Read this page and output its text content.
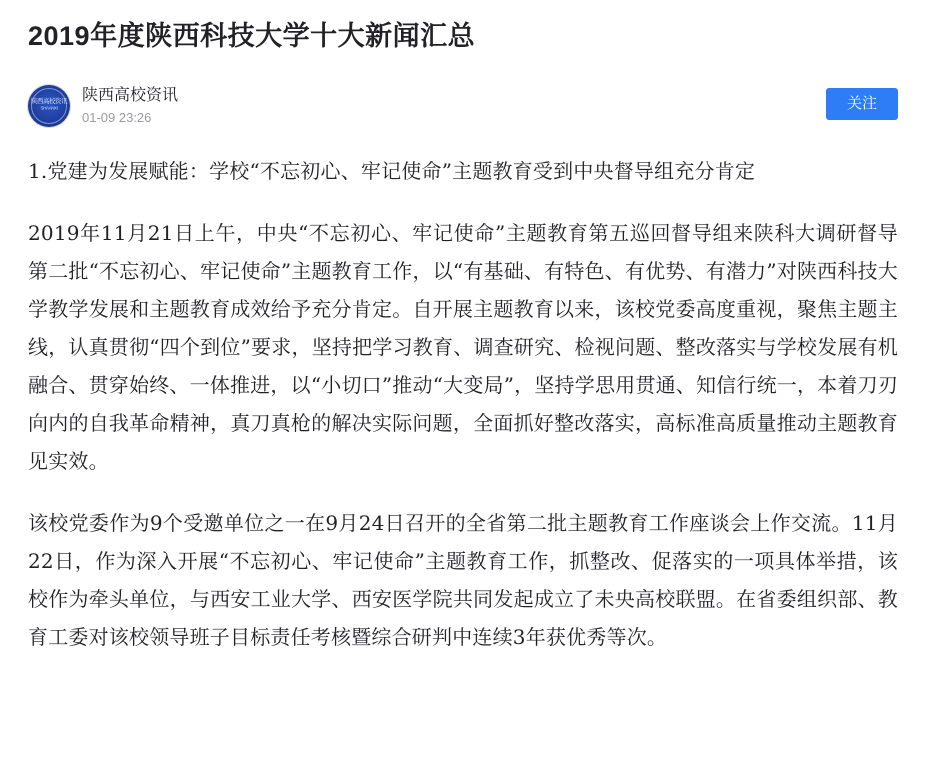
2019年度陕西科技大学十大新闻汇总
陕西高校资讯
SHAANXI
陕西高校资讯
01-09 23:26
关注
1.党建为发展赋能：学校“不忘初心、牢记使命”主题教育受到中央督导组充分肯定

2019年11月21日上午，中央“不忘初心、牢记使命”主题教育第五巡回督导组来陕科大调研督导第二批“不忘初心、牢记使命”主题教育工作，以“有基础、有特色、有优势、有潜力”对陕西科技大学教学发展和主题教育成效给予充分肯定。自开展主题教育以来，该校党委高度重视，聚焦主题主线，认真贯彻“四个到位”要求，坚持把学习教育、调查研究、检视问题、整改落实与学校发展有机融合、贯穿始终、一体推进，以“小切口”推动“大变局”，坚持学思用贯通、知信行统一，本着刀刃向内的自我革命精神，真刀真枪的解决实际问题，全面抓好整改落实，高标准高质量推动主题教育见实效。

该校党委作为9个受邀单位之一在9月24日召开的全省第二批主题教育工作座谈会上作交流。11月22日，作为深入开展“不忘初心、牢记使命”主题教育工作，抓整改、促落实的一项具体举措，该校作为牵头单位，与西安工业大学、西安医学院共同发起成立了未央高校联盟。在省委组织部、教育工委对该校领导班子目标责任考核暨综合研判中连续3年获优秀等次。
